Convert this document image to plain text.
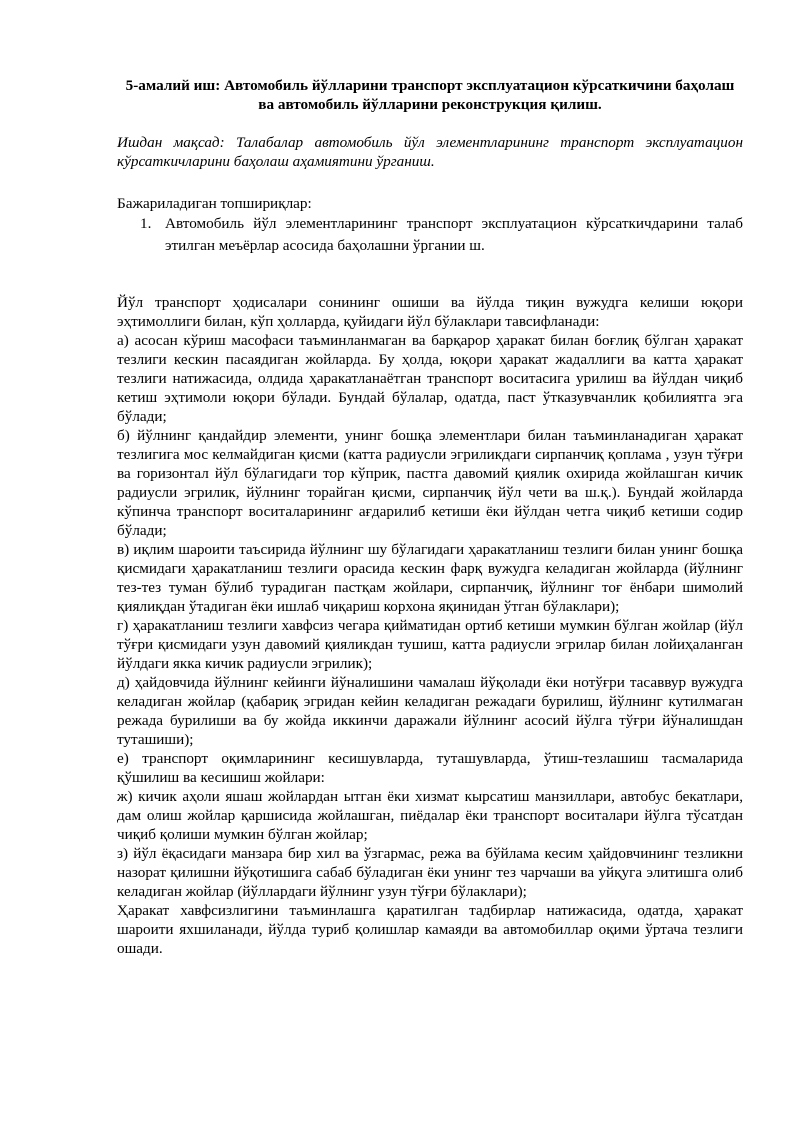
5-амалий иш: Автомобиль йўлларини транспорт эксплуатацион кўрсаткичини баҳолаш ва автомобиль йўлларини реконструкция қилиш.

Ишдан мақсад: Талабалар автомобиль йўл элементларининг транспорт эксплуатацион кўрсаткичларини баҳолаш аҳамиятини ўрганиш.

Бажариладиган топшириқлар:

1. Автомобиль йўл элементларининг транспорт эксплуатацион кўрсаткичдарини талаб этилган меъёрлар асосида баҳолашни ўргании ш.

Йўл транспорт ҳодисалари сонининг ошиши ва йўлда тиқин вужудга келиши юқори эҳтимоллиги билан, кўп ҳолларда, қуйидаги йўл бўлаклари тавсифланади:

а) асосан кўриш масофаси таъминланмаган ва барқарор ҳаракат билан боғлиқ бўлган ҳаракат тезлиги кескин пасаядиган жойларда. Бу ҳолда, юқори ҳаракат жадаллиги ва катта ҳаракат тезлиги натижасида, олдида ҳаракатланаётган транспорт воситасига урилиш ва йўлдан чиқиб кетиш эҳтимоли юқори бўлади. Бундай бўлалар, одатда, паст ўтказувчанлик қобилиятга эга бўлади;

б) йўлнинг қандайдир элементи, унинг бошқа элементлари билан таъминланадиган ҳаракат тезлигига мос келмайдиган қисми (катта радиусли эгриликдаги сирпанчиқ қоплама , узун тўғри ва горизонтал йўл бўлагидаги тор кўприк, пастга давомий қиялик охирида жойлашган кичик радиусли эгрилик, йўлнинг торайган қисми, сирпанчиқ йўл чети ва ш.қ.). Бундай жойларда кўпинча транспорт воситаларининг ағдарилиб кетиши ёки йўлдан четга чиқиб кетиши содир бўлади;

в) иқлим шароити таъсирида йўлнинг шу бўлагидаги ҳаракатланиш тезлиги билан унинг бошқа қисмидаги ҳаракатланиш тезлиги орасида кескин фарқ вужудга келадиган жойларда (йўлнинг тез-тез туман бўлиб турадиган пастқам жойлари, сирпанчиқ, йўлнинг тоғ ёнбари шимолий қиялиқдан ўтадиган ёки ишлаб чиқариш корхона яқинидан ўтган бўлаклари);

г) ҳаракатланиш тезлиги хавфсиз чегара қийматидан ортиб кетиши мумкин бўлган жойлар (йўл тўғри қисмидаги узун давомий қияликдан тушиш, катта радиусли эгрилар билан лойиҳаланган йўлдаги якка кичик радиусли эгрилик);

д) ҳайдовчида йўлнинг кейинги йўналишини чамалаш йўқолади ёки нотўғри тасаввур вужудга келадиган жойлар (қабариқ эгридан кейин келадиган режадаги бурилиш, йўлнинг кутилмаган режада бурилиши ва бу жойда иккинчи даражали йўлнинг асосий йўлга тўғри йўналишдан туташиши);

е) транспорт оқимларининг кесишувларда, туташувларда, ўтиш-тезлашиш тасмаларида қўшилиш ва кесишиш жойлари:

ж) кичик аҳоли яшаш жойлардан ытган ёки хизмат кырсатиш манзиллари, автобус бекатлари, дам олиш жойлар қаршисида жойлашган, пиёдалар ёки транспорт воситалари йўлга тўсатдан чиқиб қолиши мумкин бўлган жойлар;

з) йўл ёқасидаги манзара бир хил ва ўзгармас, режа ва бўйлама кесим ҳайдовчининг тезликни назорат қилишни йўқотишига сабаб бўладиган ёки унинг тез чарчаши ва уйқуга элитишга олиб келадиган жойлар (йўллардаги йўлнинг узун тўғри бўлаклари);

Ҳаракат хавфсизлигини таъминлашга қаратилган тадбирлар натижасида, одатда, ҳаракат шароити яхшиланади, йўлда туриб қолишлар камаяди ва автомобиллар оқими ўртача тезлиги ошади.
